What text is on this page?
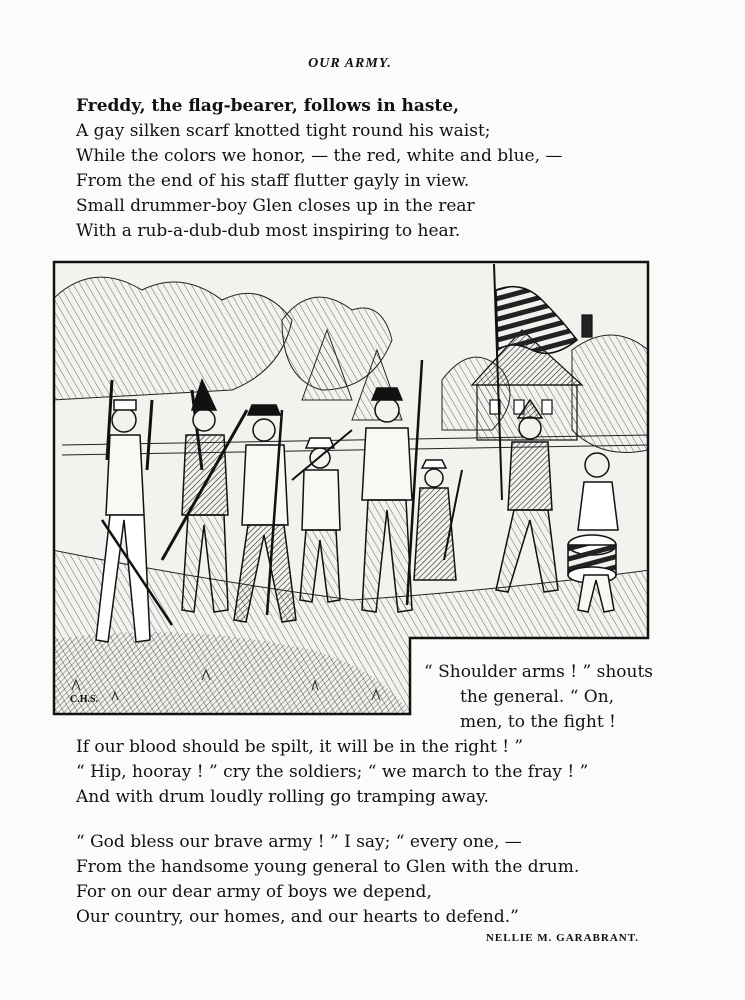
OUR ARMY.
Freddy, the flag-bearer, follows in haste,
A gay silken scarf knotted tight round his waist;
While the colors we honor, — the red, white and blue, —
From the end of his staff flutter gayly in view.
Small drummer-boy Glen closes up in the rear
With a rub-a-dub-dub most inspiring to hear.
C.H.S.
“ Shoulder arms ! ” shouts
the general. “ On,
men, to the fight !
If our blood should be spilt, it will be in the right ! ”
“ Hip, hooray ! ” cry the soldiers; “ we march to the fray ! ”
And with drum loudly rolling go tramping away.
“ God bless our brave army ! ” I say; “ every one, —
From the handsome young general to Glen with the drum.
For on our dear army of boys we depend,
Our country, our homes, and our hearts to defend.”
NELLIE M. GARABRANT.
